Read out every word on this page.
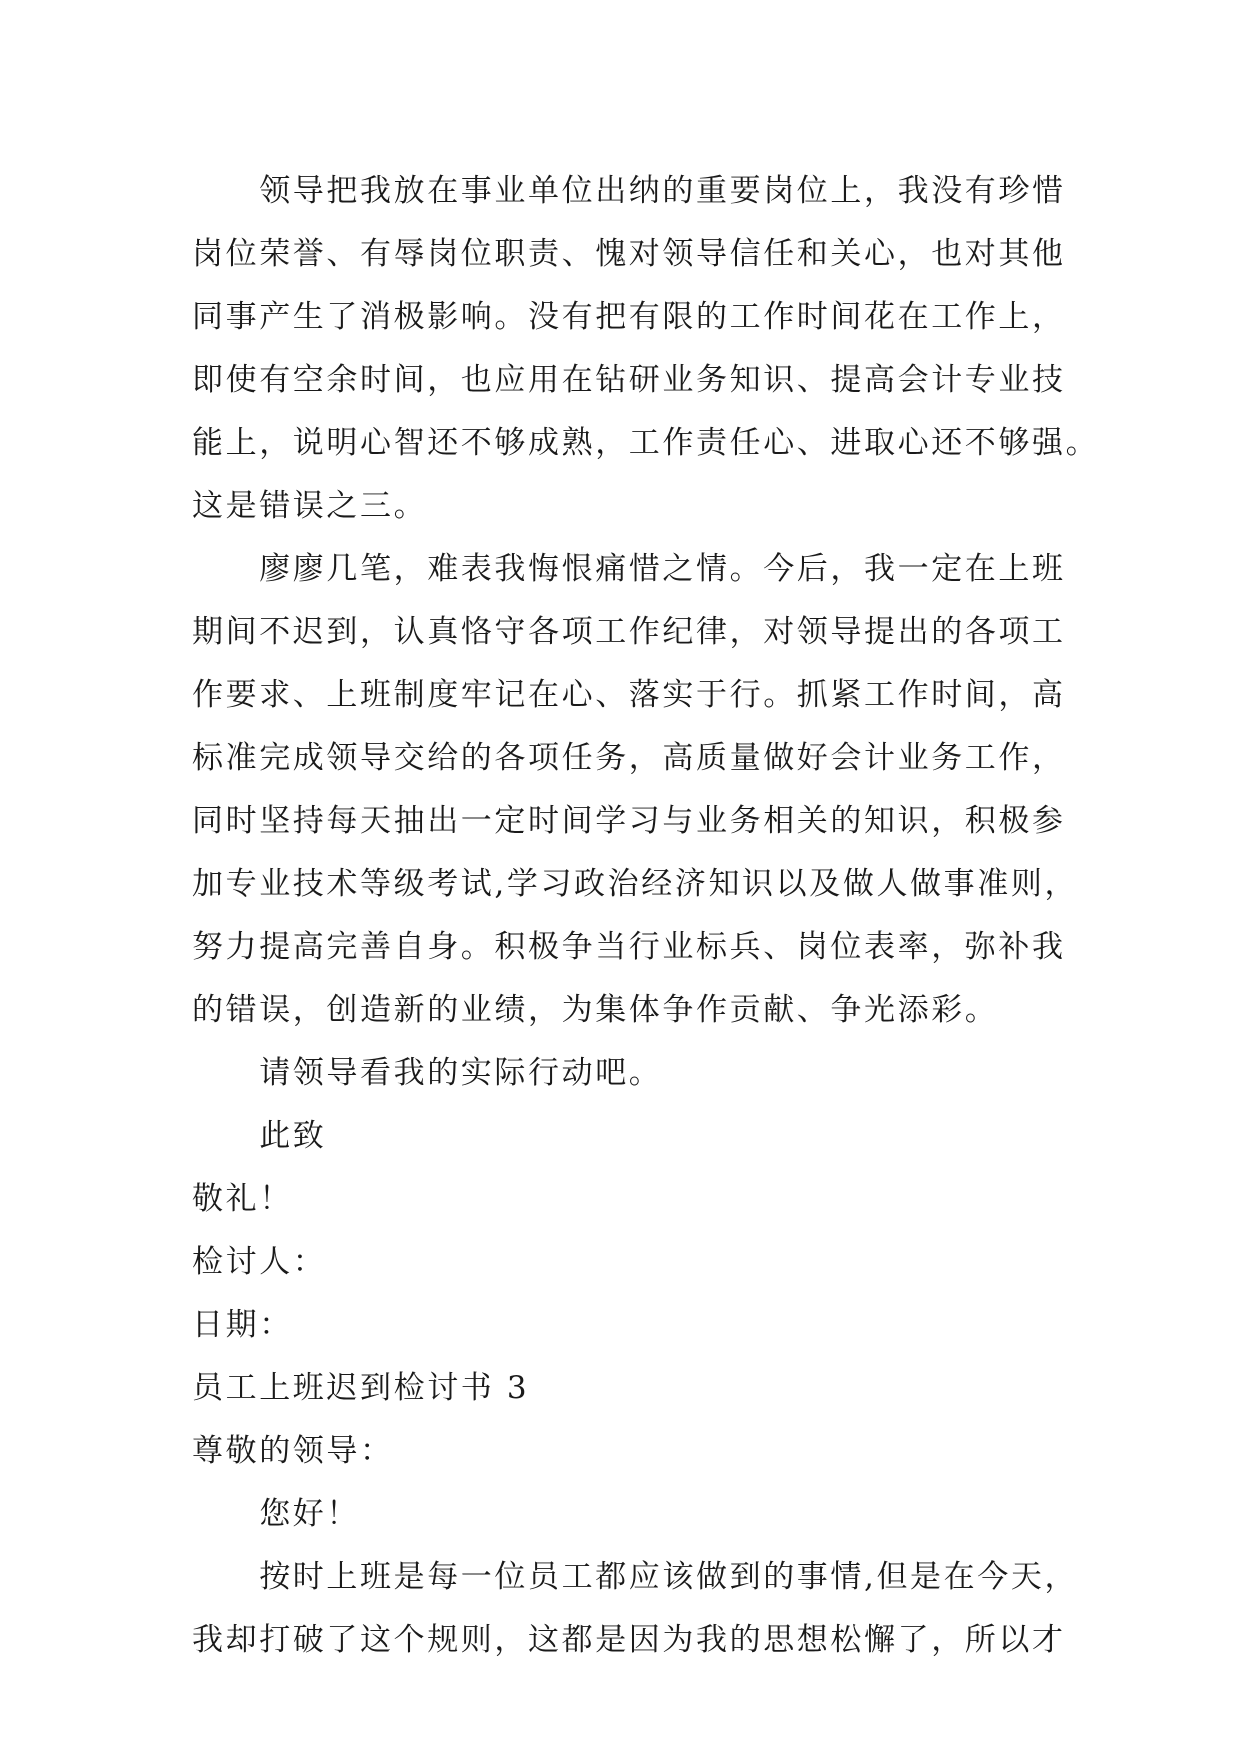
　　领导把我放在事业单位出纳的重要岗位上，我没有珍惜
岗位荣誉、有辱岗位职责、愧对领导信任和关心，也对其他
同事产生了消极影响。没有把有限的工作时间花在工作上，
即使有空余时间，也应用在钻研业务知识、提高会计专业技
能上，说明心智还不够成熟，工作责任心、进取心还不够强。
这是错误之三。
　　廖廖几笔，难表我悔恨痛惜之情。今后，我一定在上班
期间不迟到，认真恪守各项工作纪律，对领导提出的各项工
作要求、上班制度牢记在心、落实于行。抓紧工作时间，高
标准完成领导交给的各项任务，高质量做好会计业务工作，
同时坚持每天抽出一定时间学习与业务相关的知识，积极参
加专业技术等级考试,学习政治经济知识以及做人做事准则，
努力提高完善自身。积极争当行业标兵、岗位表率，弥补我
的错误，创造新的业绩，为集体争作贡献、争光添彩。
　　请领导看我的实际行动吧。
　　此致
敬礼！
检讨人：
日期：
员工上班迟到检讨书 3
尊敬的领导：
　　您好！
　　按时上班是每一位员工都应该做到的事情,但是在今天，
我却打破了这个规则，这都是因为我的思想松懈了，所以才
